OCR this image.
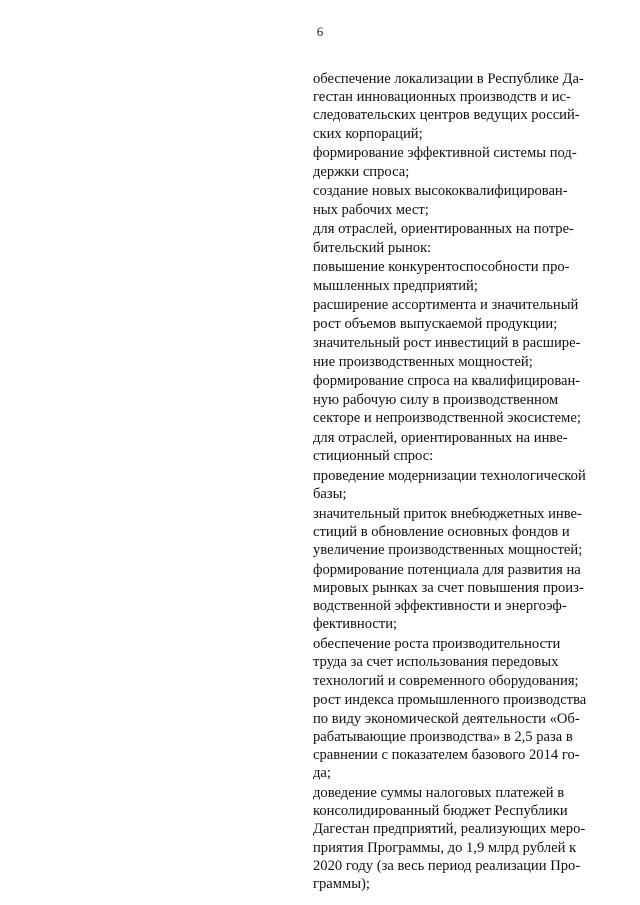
6
обеспечение локализации в Республике Да-
гестан инновационных производств и ис-
следовательских центров ведущих россий-
ских корпораций;
формирование эффективной системы под-
держки спроса;
создание новых высококвалифицирован-
ных рабочих мест;
для отраслей, ориентированных на потре-
бительский рынок:
повышение конкурентоспособности про-
мышленных предприятий;
расширение ассортимента и значительный
рост объемов выпускаемой продукции;
значительный рост инвестиций в расшире-
ние производственных мощностей;
формирование спроса на квалифицирован-
ную рабочую силу в производственном
секторе и непроизводственной экосистеме;
для отраслей, ориентированных на инве-
стиционный спрос:
проведение модернизации технологической
базы;
значительный приток внебюджетных инве-
стиций в обновление основных фондов и
увеличение производственных мощностей;
формирование потенциала для развития на
мировых рынках за счет повышения произ-
водственной эффективности и энергоэф-
фективности;
обеспечение роста производительности
труда за счет использования передовых
технологий и современного оборудования;
рост индекса промышленного производства
по виду экономической деятельности «Об-
рабатывающие производства» в 2,5 раза в
сравнении с показателем базового 2014 го-
да;
доведение суммы налоговых платежей в
консолидированный бюджет Республики
Дагестан предприятий, реализующих меро-
приятия Программы, до 1,9 млрд рублей к
2020 году (за весь период реализации Про-
граммы);
